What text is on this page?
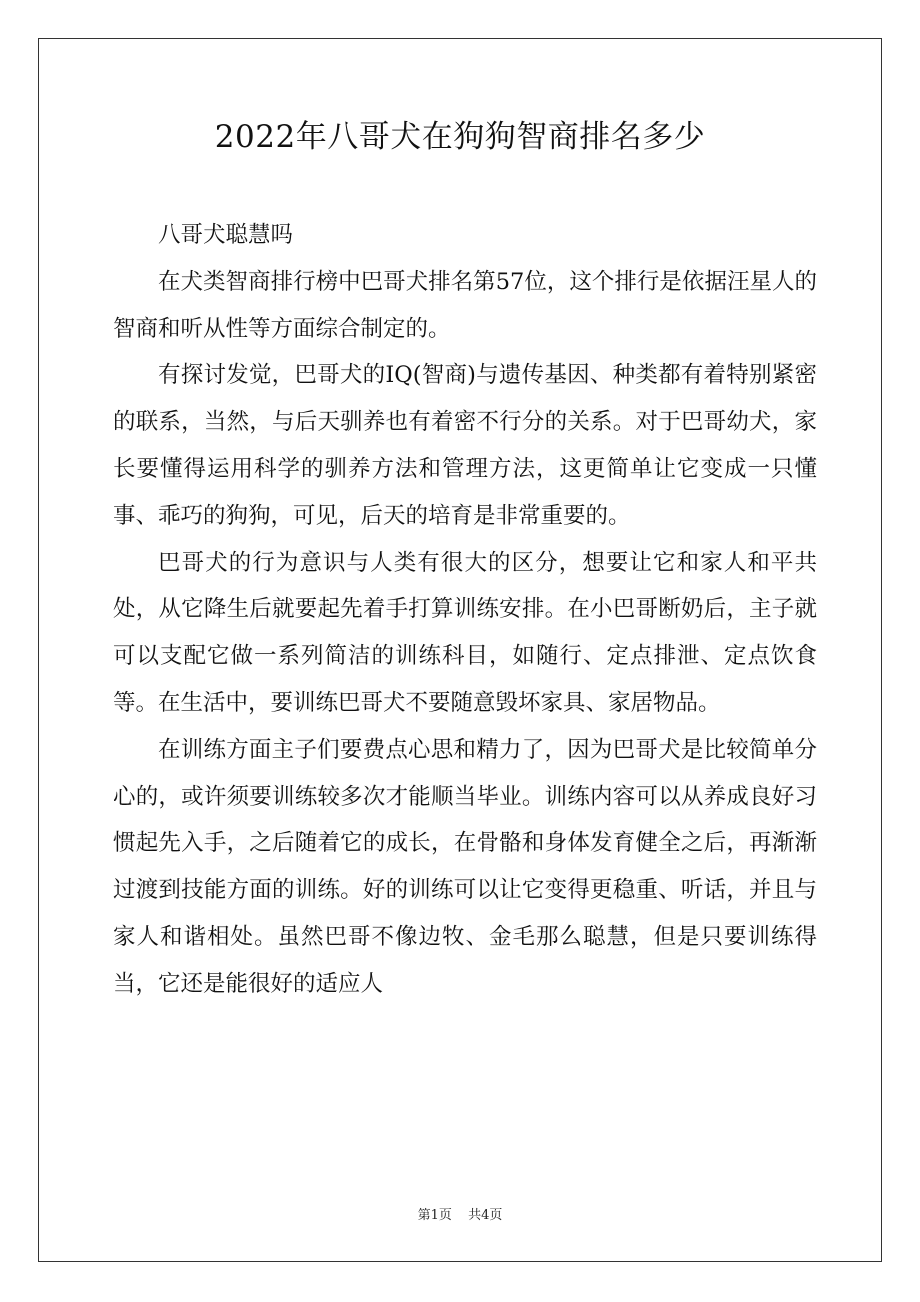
2022年八哥犬在狗狗智商排名多少

八哥犬聪慧吗

在犬类智商排行榜中巴哥犬排名第57位，这个排行是依据汪星人的智商和听从性等方面综合制定的。

有探讨发觉，巴哥犬的IQ(智商)与遗传基因、种类都有着特别紧密的联系，当然，与后天驯养也有着密不行分的关系。对于巴哥幼犬，家长要懂得运用科学的驯养方法和管理方法，这更简单让它变成一只懂事、乖巧的狗狗，可见，后天的培育是非常重要的。

巴哥犬的行为意识与人类有很大的区分，想要让它和家人和平共处，从它降生后就要起先着手打算训练安排。在小巴哥断奶后，主子就可以支配它做一系列简洁的训练科目，如随行、定点排泄、定点饮食等。在生活中，要训练巴哥犬不要随意毁坏家具、家居物品。

在训练方面主子们要费点心思和精力了，因为巴哥犬是比较简单分心的，或许须要训练较多次才能顺当毕业。训练内容可以从养成良好习惯起先入手，之后随着它的成长，在骨骼和身体发育健全之后，再渐渐过渡到技能方面的训练。好的训练可以让它变得更稳重、听话，并且与家人和谐相处。虽然巴哥不像边牧、金毛那么聪慧，但是只要训练得当，它还是能很好的适应人

第1页 共4页
